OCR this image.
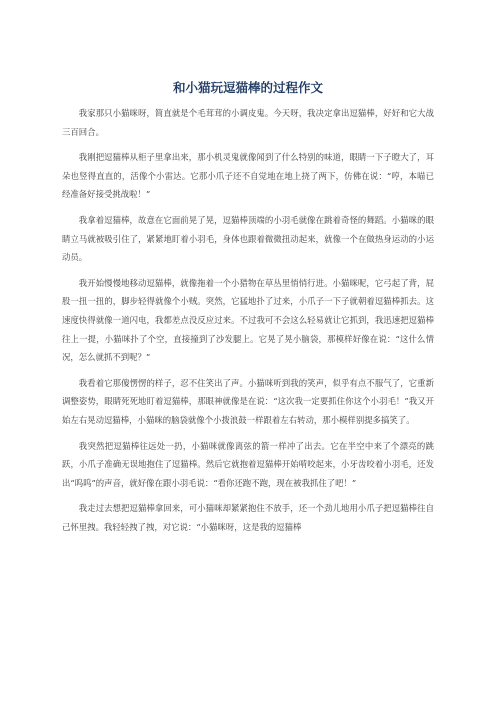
和小猫玩逗猫棒的过程作文

我家那只小猫咪呀，简直就是个毛茸茸的小调皮鬼。今天呀，我决定拿出逗猫棒，好好和它大战三百回合。

我刚把逗猫棒从柜子里拿出来，那小机灵鬼就像闻到了什么特别的味道，眼睛一下子瞪大了，耳朵也竖得直直的，活像个小雷达。它那小爪子还不自觉地在地上挠了两下，仿佛在说：“哼，本喵已经准备好接受挑战啦！”

我拿着逗猫棒，故意在它面前晃了晃，逗猫棒顶端的小羽毛就像在跳着奇怪的舞蹈。小猫咪的眼睛立马就被吸引住了，紧紧地盯着小羽毛，身体也跟着微微扭动起来，就像一个在做热身运动的小运动员。

我开始慢慢地移动逗猫棒，就像拖着一个小猎物在草丛里悄悄行进。小猫咪呢，它弓起了背，屁股一扭一扭的，脚步轻得就像个小贼。突然，它猛地扑了过来，小爪子一下子就朝着逗猫棒抓去。这速度快得就像一道闪电，我都差点没反应过来。不过我可不会这么轻易就让它抓到，我迅速把逗猫棒往上一提，小猫咪扑了个空，直接撞到了沙发腿上。它晃了晃小脑袋，那模样好像在说：“这什么情况，怎么就抓不到呢？”

我看着它那傻愣愣的样子，忍不住笑出了声。小猫咪听到我的笑声，似乎有点不服气了，它重新调整姿势，眼睛死死地盯着逗猫棒，那眼神就像是在说：“这次我一定要抓住你这个小羽毛！”我又开始左右晃动逗猫棒，小猫咪的脑袋就像个小拨浪鼓一样跟着左右转动，那小模样别提多搞笑了。

我突然把逗猫棒往远处一扔，小猫咪就像离弦的箭一样冲了出去。它在半空中来了个漂亮的跳跃，小爪子准确无误地抱住了逗猫棒。然后它就抱着逗猫棒开始啃咬起来，小牙齿咬着小羽毛，还发出“呜呜”的声音，就好像在跟小羽毛说：“看你还跑不跑，现在被我抓住了吧！”

我走过去想把逗猫棒拿回来，可小猫咪却紧紧抱住不放手，还一个劲儿地用小爪子把逗猫棒往自己怀里拽。我轻轻拽了拽，对它说：“小猫咪呀，这是我的逗猫棒
